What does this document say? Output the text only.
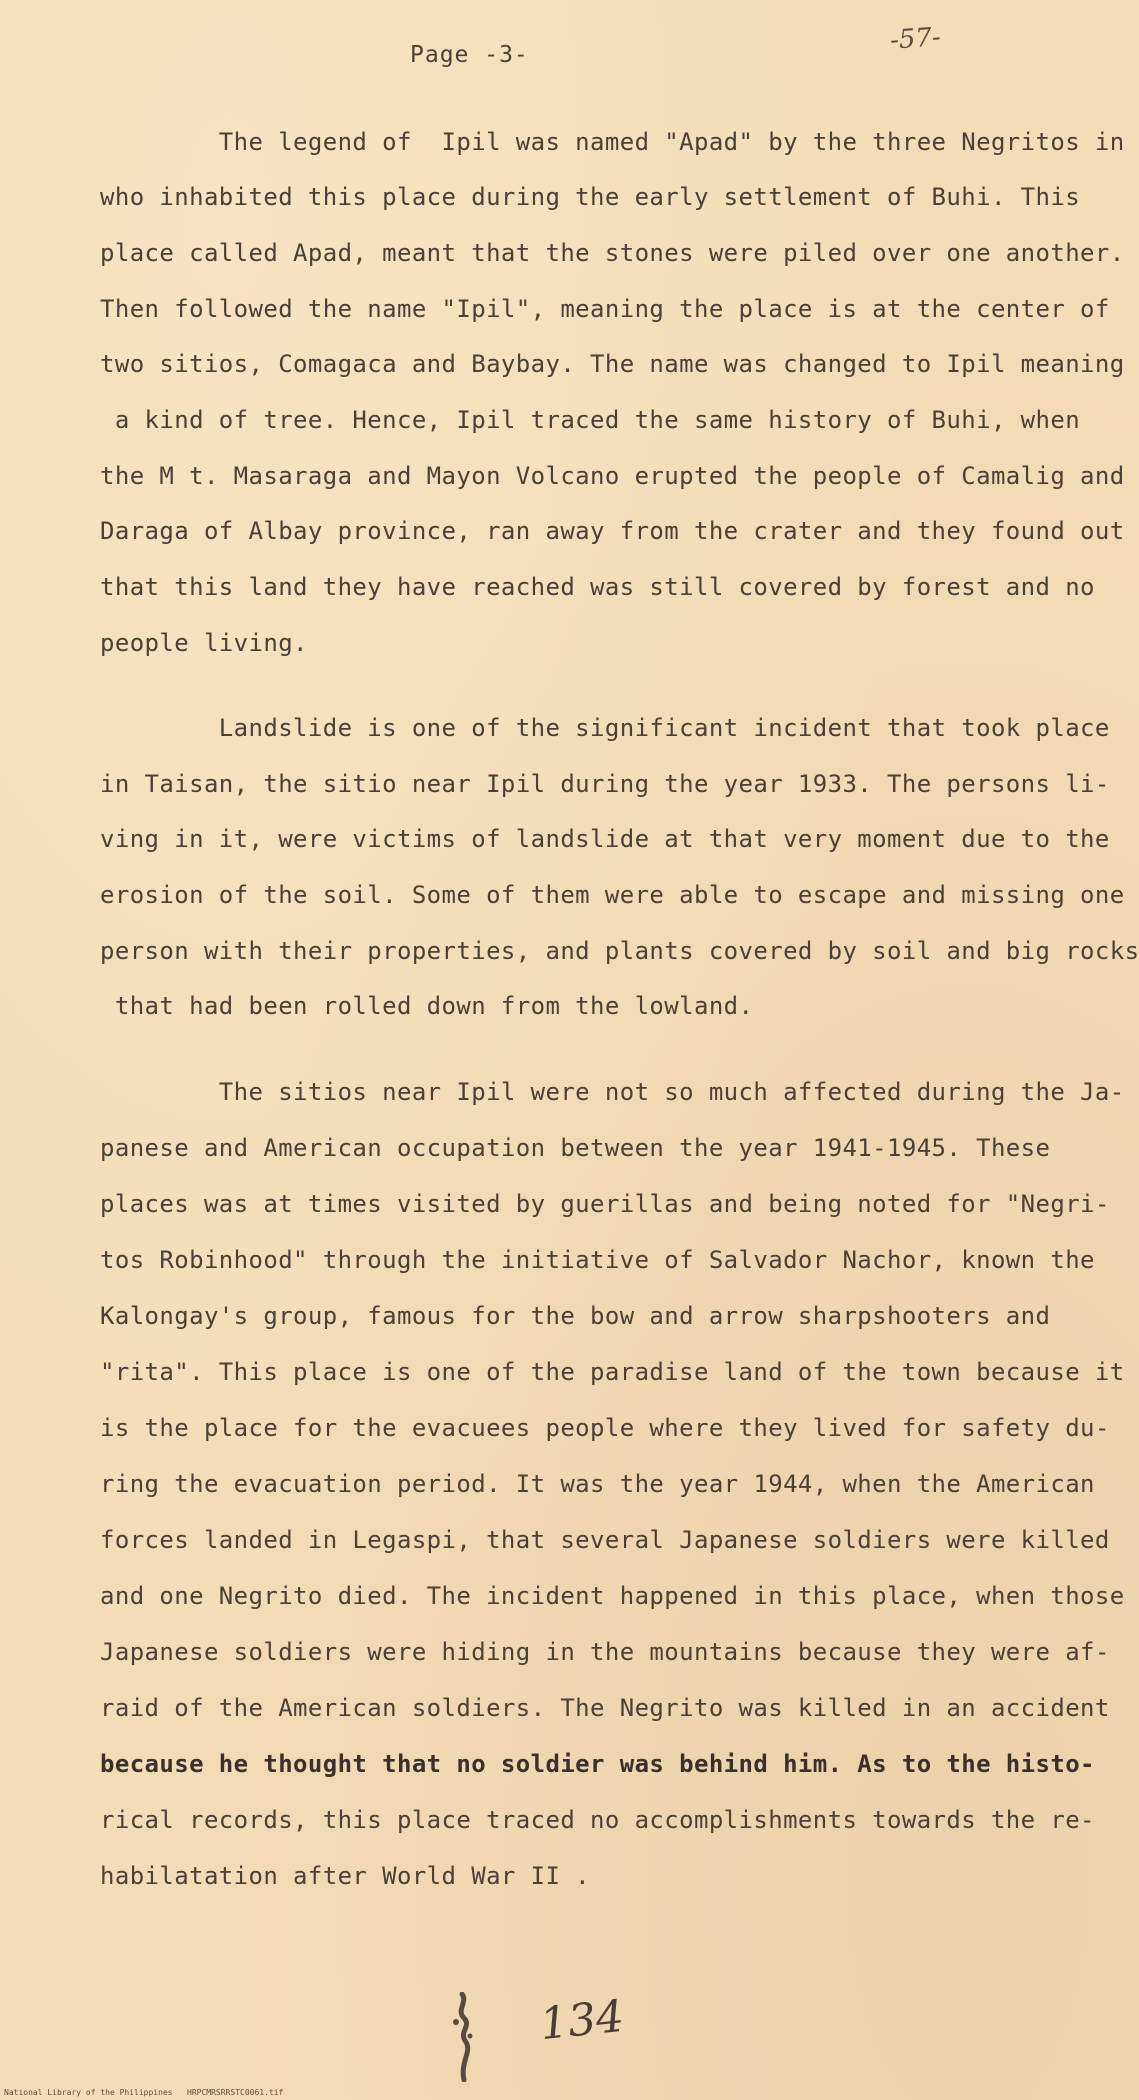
Page -3-	-57-
The legend of  Ipil was named "Apad" by the three Negritos in
who inhabited this place during the early settlement of Buhi. This
place called Apad, meant that the stones were piled over one another.
Then followed the name "Ipil", meaning the place is at the center of
two sitios, Comagaca and Baybay. The name was changed to Ipil meaning
a kind of tree. Hence, Ipil traced the same history of Buhi, when
the M t. Masaraga and Mayon Volcano erupted the people of Camalig and
Daraga of Albay province, ran away from the crater and they found out
that this land they have reached was still covered by forest and no
people living.
Landslide is one of the significant incident that took place
in Taisan, the sitio near Ipil during the year 1933. The persons li-
ving in it, were victims of landslide at that very moment due to the
erosion of the soil. Some of them were able to escape and missing one
person with their properties, and plants covered by soil and big rocks
that had been rolled down from the lowland.
The sitios near Ipil were not so much affected during the Ja-
panese and American occupation between the year 1941-1945. These
places was at times visited by guerillas and being noted for "Negri-
tos Robinhood" through the initiative of Salvador Nachor, known the
Kalongay's group, famous for the bow and arrow sharpshooters and
"rita". This place is one of the paradise land of the town because it
is the place for the evacuees people where they lived for safety du-
ring the evacuation period. It was the year 1944, when the American
forces landed in Legaspi, that several Japanese soldiers were killed
and one Negrito died. The incident happened in this place, when those
Japanese soldiers were hiding in the mountains because they were af-
raid of the American soldiers. The Negrito was killed in an accident
because he thought that no soldier was behind him. As to the histo-
rical records, this place traced no accomplishments towards the re-
habilatation after World War II .
134
National Library of the Philippines   HRPCMRSRRSTC0061.tif
